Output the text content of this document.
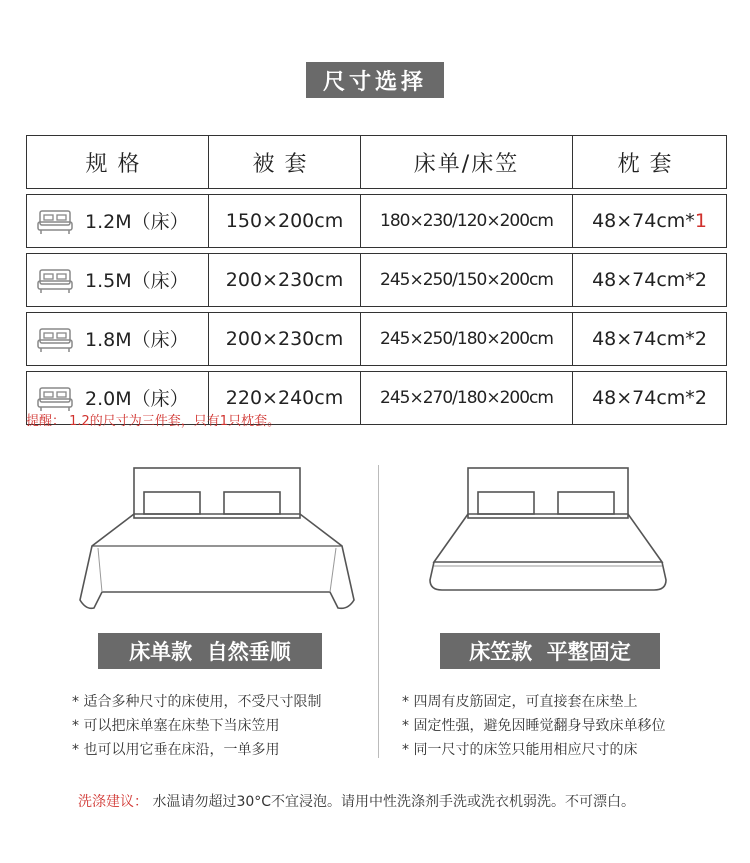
尺寸选择
规格	被套	床单/床笠	枕套

1.2M（床）	150×200cm	180×230/120×200cm	48×74cm*1

1.5M（床）	200×230cm	245×250/150×200cm	48×74cm*2

1.8M（床）	200×230cm	245×250/180×200cm	48×74cm*2

2.0M（床）	220×240cm	245×270/180×200cm	48×74cm*2
提醒： 1.2的尺寸为三件套，只有1只枕套。
床单款  自然垂顺	床笠款  平整固定
* 适合多种尺寸的床使用，不受尺寸限制
* 可以把床单塞在床垫下当床笠用
* 也可以用它垂在床沿，一单多用
* 四周有皮筋固定，可直接套在床垫上
* 固定性强，避免因睡觉翻身导致床单移位
* 同一尺寸的床笠只能用相应尺寸的床
洗涤建议： 水温请勿超过30°C不宜浸泡。请用中性洗涤剂手洗或洗衣机弱洗。不可漂白。
